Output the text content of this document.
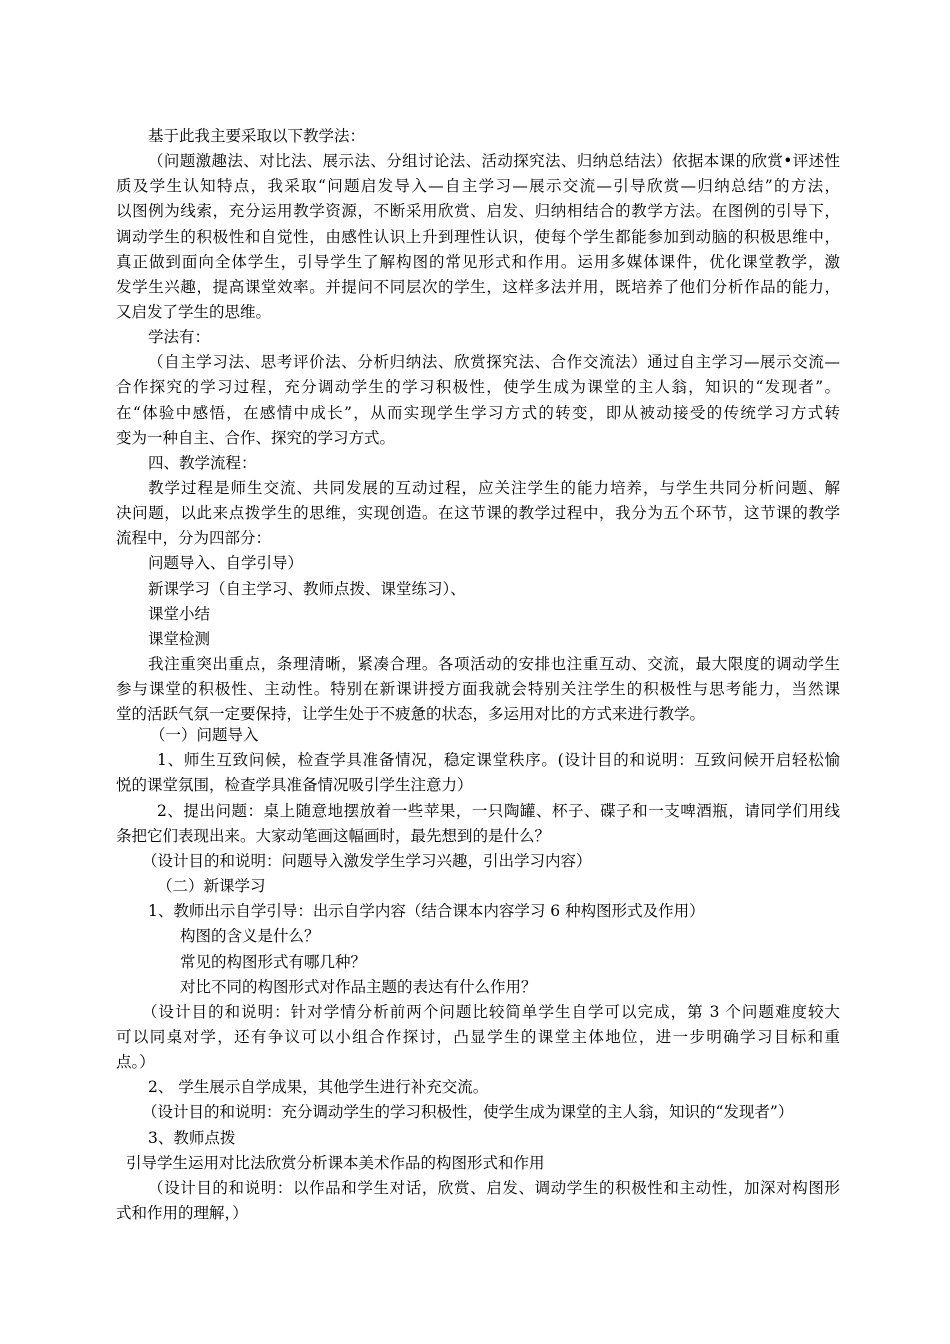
基于此我主要采取以下教学法：
（问题激趣法、对比法、展示法、分组讨论法、活动探究法、归纳总结法）依据本课的欣赏•评述性
质及学生认知特点，我采取“问题启发导入—自主学习—展示交流—引导欣赏—归纳总结”的方法，
以图例为线索，充分运用教学资源，不断采用欣赏、启发、归纳相结合的教学方法。在图例的引导下，
调动学生的积极性和自觉性，由感性认识上升到理性认识，使每个学生都能参加到动脑的积极思维中，
真正做到面向全体学生，引导学生了解构图的常见形式和作用。运用多媒体课件，优化课堂教学，激
发学生兴趣，提高课堂效率。并提问不同层次的学生，这样多法并用，既培养了他们分析作品的能力，
又启发了学生的思维。
学法有：
（自主学习法、思考评价法、分析归纳法、欣赏探究法、合作交流法）通过自主学习—展示交流—
合作探究的学习过程，充分调动学生的学习积极性，使学生成为课堂的主人翁，知识的“发现者”。
在“体验中感悟，在感情中成长”，从而实现学生学习方式的转变，即从被动接受的传统学习方式转
变为一种自主、合作、探究的学习方式。
四、教学流程：
教学过程是师生交流、共同发展的互动过程，应关注学生的能力培养，与学生共同分析问题、解
决问题，以此来点拨学生的思维，实现创造。在这节课的教学过程中，我分为五个环节，这节课的教学
流程中，分为四部分：
问题导入、自学引导）
新课学习（自主学习、教师点拨、课堂练习）、
课堂小结
课堂检测
我注重突出重点，条理清晰，紧凑合理。各项活动的安排也注重互动、交流，最大限度的调动学生
参与课堂的积极性、主动性。特别在新课讲授方面我就会特别关注学生的积极性与思考能力，当然课
堂的活跃气氛一定要保持，让学生处于不疲惫的状态，多运用对比的方式来进行教学。
（一）问题导入
1、师生互致问候，检查学具准备情况，稳定课堂秩序。(设计目的和说明：互致问候开启轻松愉
悦的课堂氛围，检查学具准备情况吸引学生注意力）
2、提出问题：桌上随意地摆放着一些苹果，一只陶罐、杯子、碟子和一支啤酒瓶，请同学们用线
条把它们表现出来。大家动笔画这幅画时，最先想到的是什么？
（设计目的和说明：问题导入激发学生学习兴趣，引出学习内容）
（二）新课学习
1、教师出示自学引导：出示自学内容（结合课本内容学习 6 种构图形式及作用）
构图的含义是什么？
常见的构图形式有哪几种？
对比不同的构图形式对作品主题的表达有什么作用？
（设计目的和说明：针对学情分析前两个问题比较简单学生自学可以完成，第 3 个问题难度较大
可以同桌对学，还有争议可以小组合作探讨，凸显学生的课堂主体地位，进一步明确学习目标和重
点。）
2、 学生展示自学成果，其他学生进行补充交流。
（设计目的和说明：充分调动学生的学习积极性，使学生成为课堂的主人翁，知识的“发现者”）
3、教师点拨
引导学生运用对比法欣赏分析课本美术作品的构图形式和作用
（设计目的和说明：以作品和学生对话，欣赏、启发、调动学生的积极性和主动性，加深对构图形
式和作用的理解，）
